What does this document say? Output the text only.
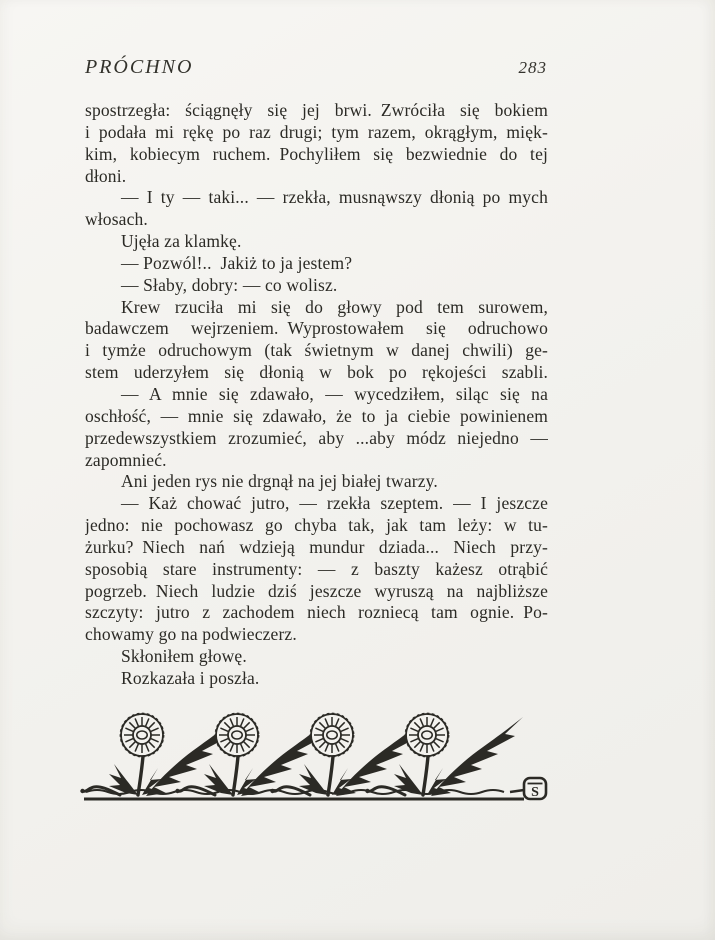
PRÓCHNO	283
spostrzegła: ściągnęły się jej brwi. Zwróciła się bokiem
i podała mi rękę po raz drugi; tym razem, okrągłym, mięk-
kim, kobiecym ruchem. Pochyliłem się bezwiednie do tej
dłoni.
— I ty — taki... — rzekła, musnąwszy dłonią po mych
włosach.
Ujęła za klamkę.
— Pozwól!.. Jakiż to ja jestem?
— Słaby, dobry: — co wolisz.
Krew rzuciła mi się do głowy pod tem surowem,
badawczem wejrzeniem. Wyprostowałem się odruchowo
i tymże odruchowym (tak świetnym w danej chwili) ge-
stem uderzyłem się dłonią w bok po rękojeści szabli.
— A mnie się zdawało, — wycedziłem, siląc się na
oschłość, — mnie się zdawało, że to ja ciebie powinienem
przedewszystkiem zrozumieć, aby ...aby módz niejedno —
zapomnieć.
Ani jeden rys nie drgnął na jej białej twarzy.
— Każ chować jutro, — rzekła szeptem. — I jeszcze
jedno: nie pochowasz go chyba tak, jak tam leży: w tu-
żurku? Niech nań wdzieją mundur dziada... Niech przy-
sposobią stare instrumenty: — z baszty każesz otrąbić
pogrzeb. Niech ludzie dziś jeszcze wyruszą na najbliższe
szczyty: jutro z zachodem niech rozniecą tam ognie. Po-
chowamy go na podwieczerz.
Skłoniłem głowę.
Rozkazała i poszła.
S
